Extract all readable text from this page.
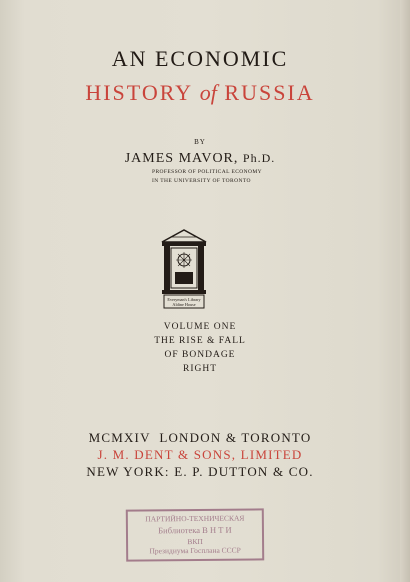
AN ECONOMIC
HISTORY of RUSSIA
BY
JAMES MAVOR, Ph.D.
PROFESSOR OF POLITICAL ECONOMY
IN THE UNIVERSITY OF TORONTO
Everyman's Library
Aldine House
VOLUME ONE
THE RISE & FALL
OF BONDAGE
RIGHT
MCMXIV  LONDON & TORONTO
J. M. DENT & SONS, LIMITED
NEW YORK: E. P. DUTTON & CO.
ПАРТИЙНО-ТЕХНИЧЕСКАЯ
Библиотека В Н Т И
ВКП
Президиума Госплана СССР
